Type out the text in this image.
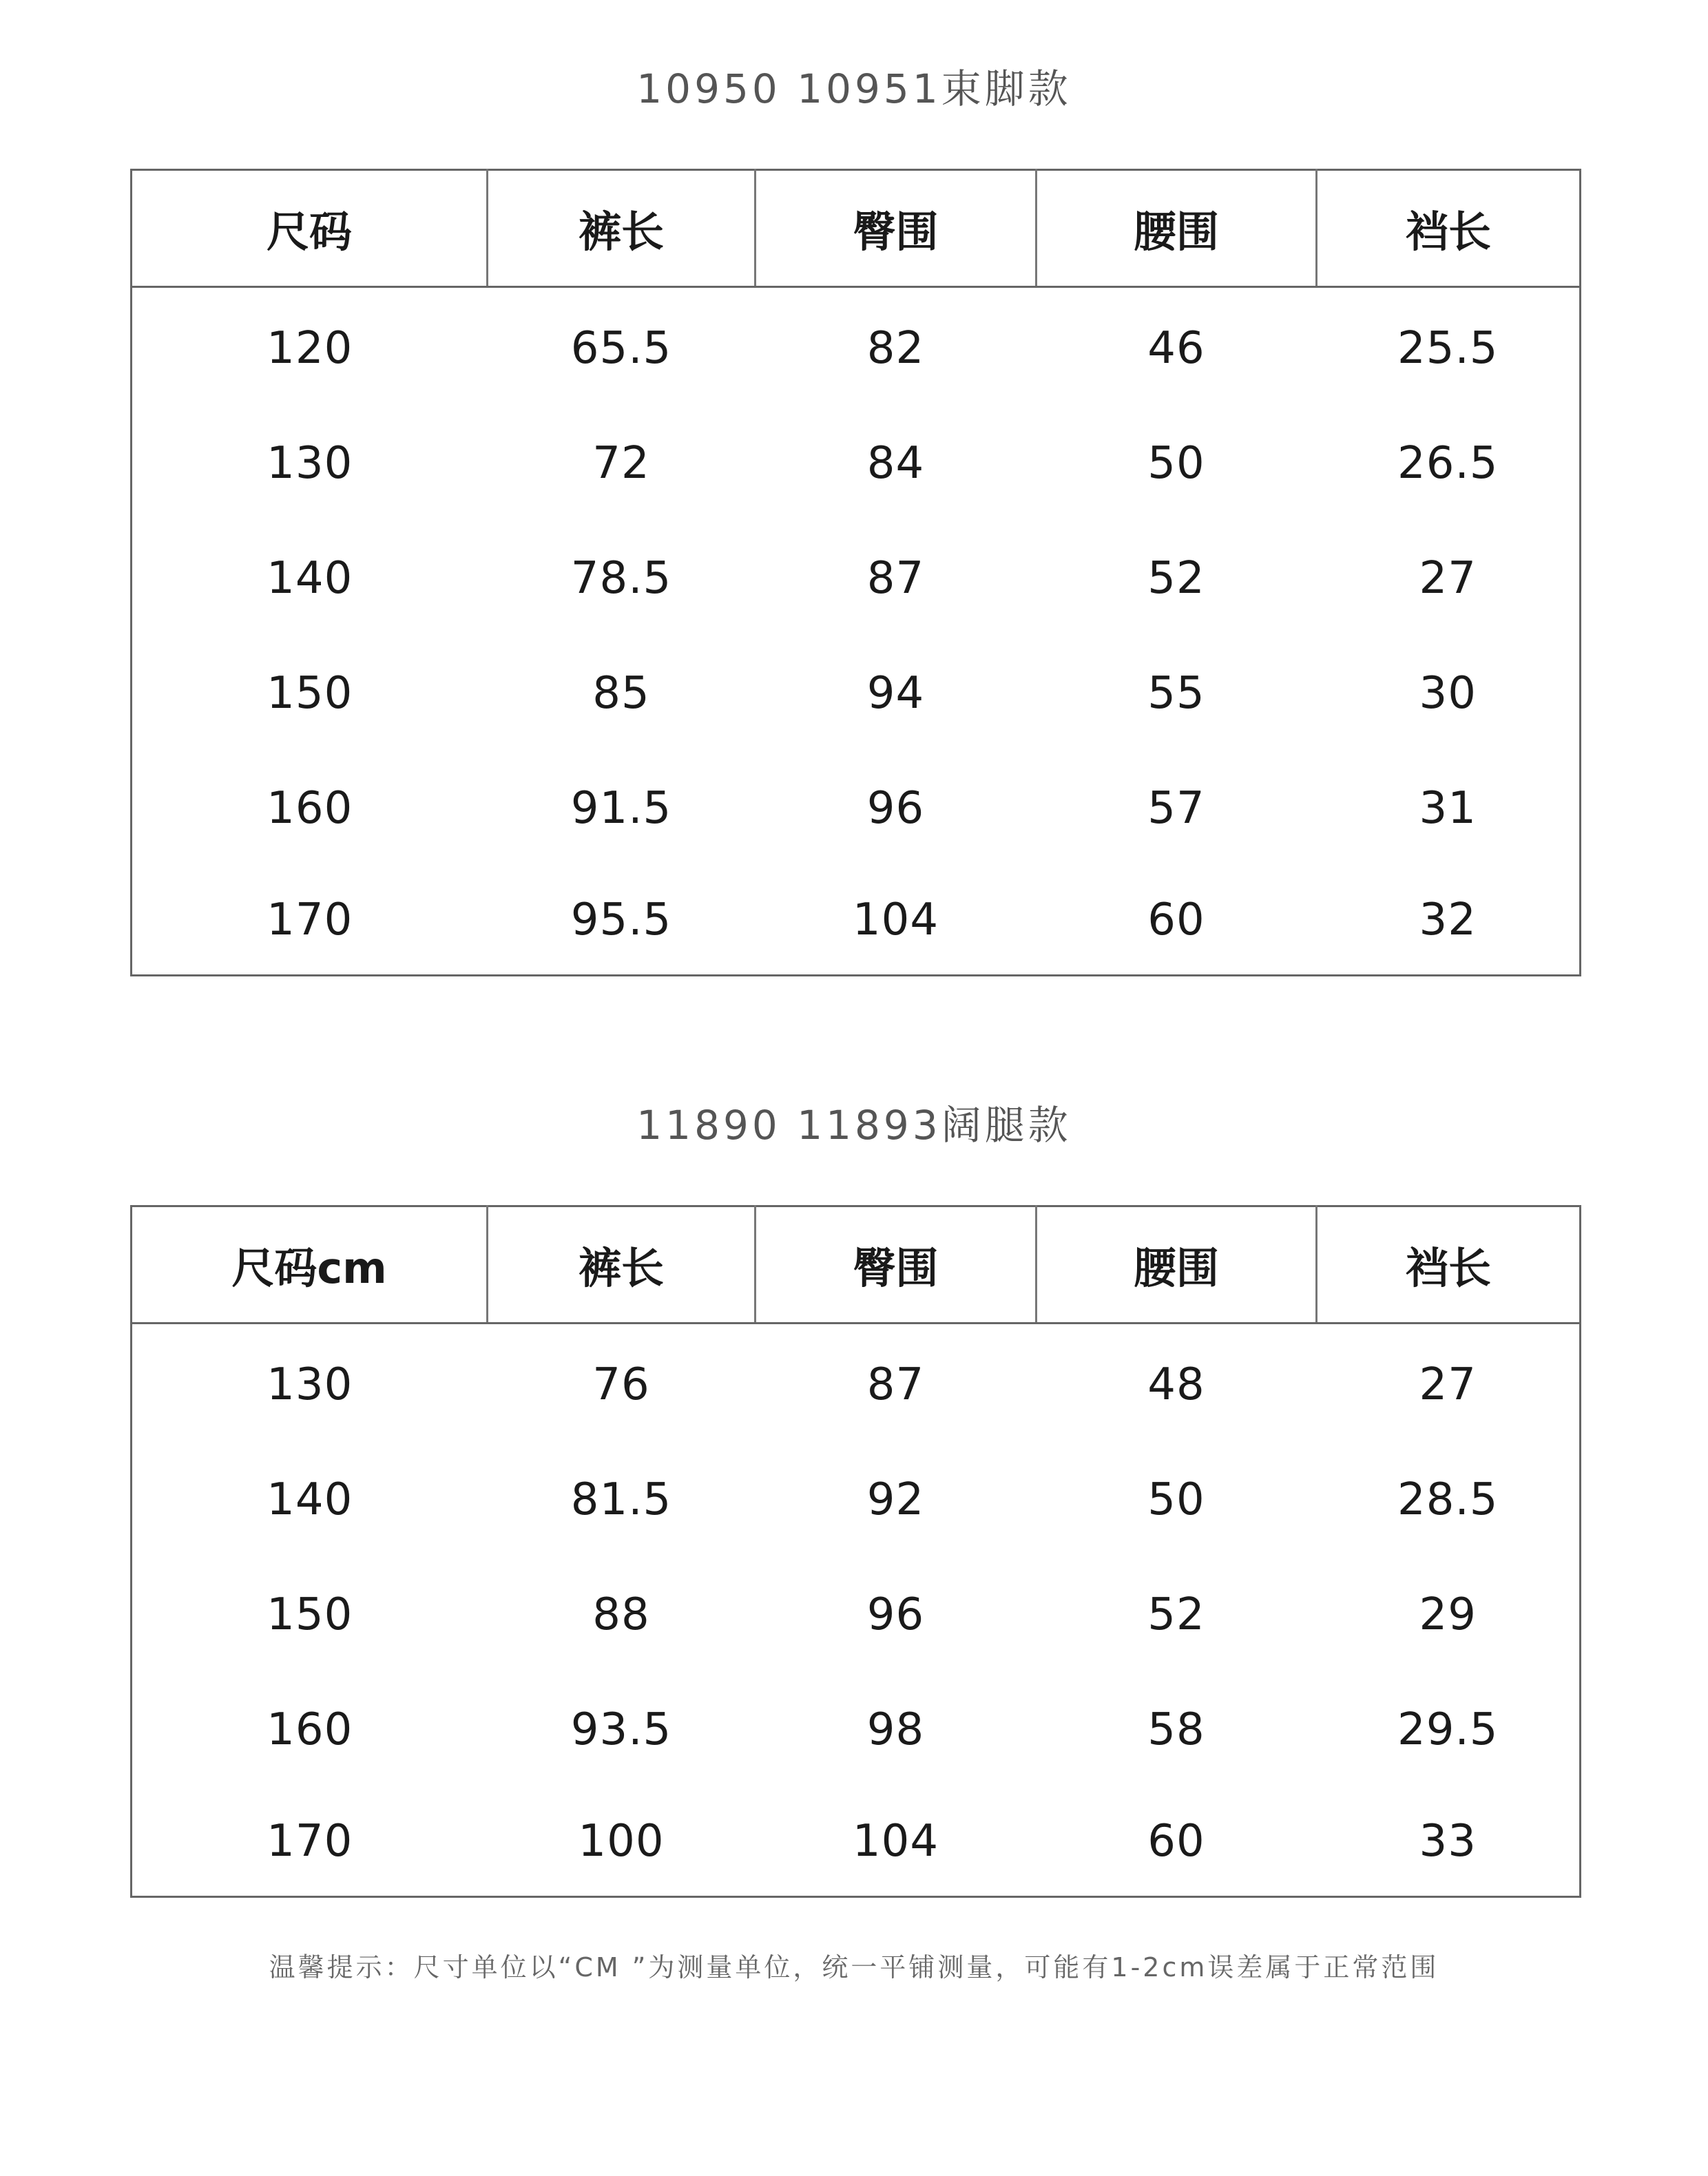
10950 10951束脚款
尺码	裤长	臀围	腰围	裆长
120	65.5	82	46	25.5
130	72	84	50	26.5
140	78.5	87	52	27
150	85	94	55	30
160	91.5	96	57	31
170	95.5	104	60	32
11890 11893阔腿款
尺码cm	裤长	臀围	腰围	裆长
130	76	87	48	27
140	81.5	92	50	28.5
150	88	96	52	29
160	93.5	98	58	29.5
170	100	104	60	33
温馨提示：尺寸单位以“CM ”为测量单位，统一平铺测量，可能有1-2cm误差属于正常范围
